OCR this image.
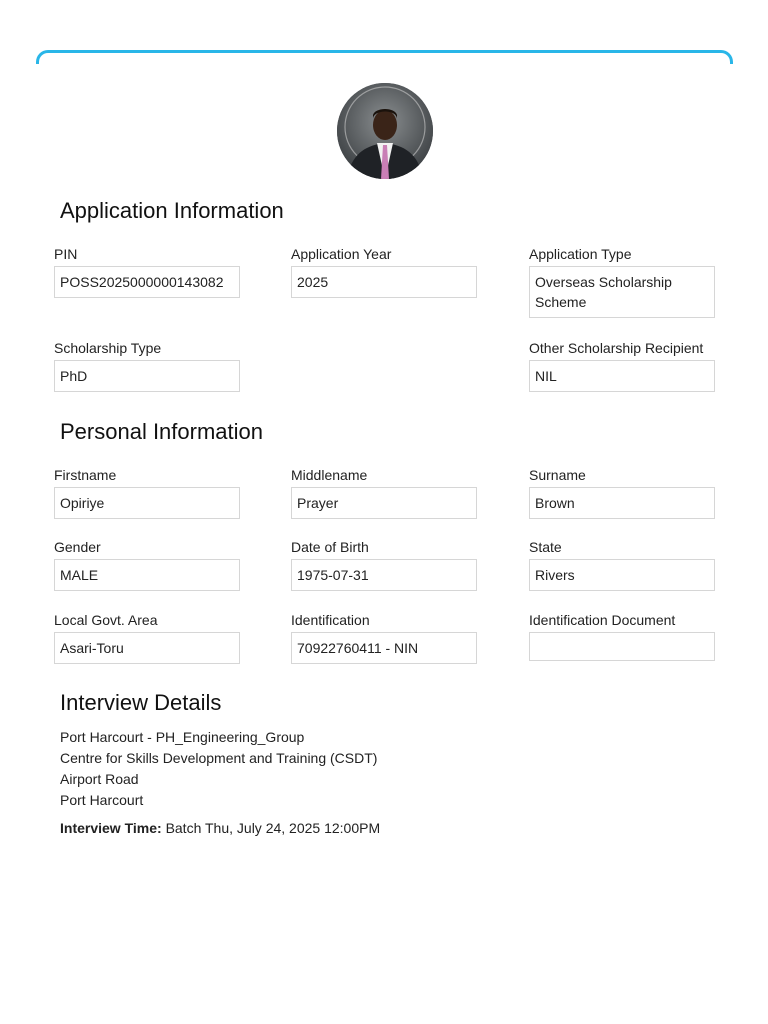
Application Information
PIN
POSS2025000000143082
Application Year
2025
Application Type
Overseas Scholarship Scheme
Scholarship Type
PhD
Other Scholarship Recipient
NIL
Personal Information
Firstname
Opiriye
Middlename
Prayer
Surname
Brown
Gender
MALE
Date of Birth
1975-07-31
State
Rivers
Local Govt. Area
Asari-Toru
Identification
70922760411 - NIN
Identification Document
Interview Details
Port Harcourt - PH_Engineering_Group
Centre for Skills Development and Training (CSDT)
Airport Road
Port Harcourt
Interview Time: Batch Thu, July 24, 2025 12:00PM
